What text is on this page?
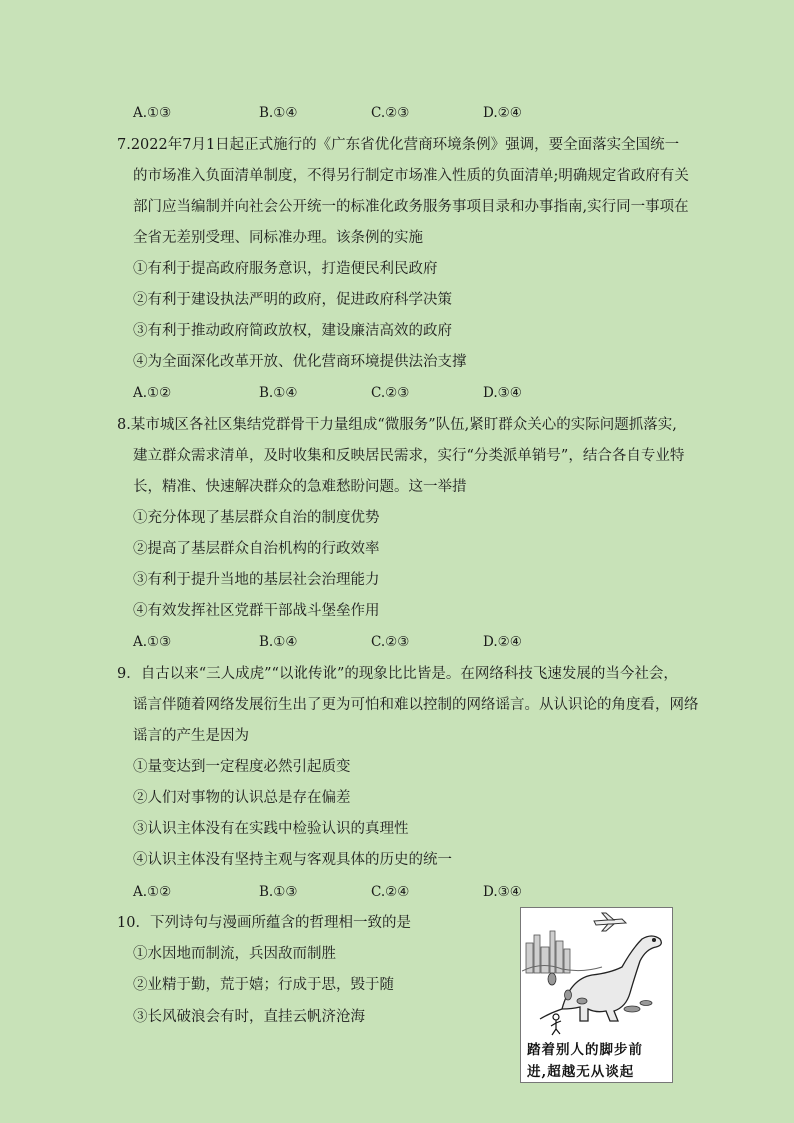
A.①③	B.①④	C.②③	D.②④
7.2022年7月1日起正式施行的《广东省优化营商环境条例》强调，要全面落实全国统一
的市场准入负面清单制度，不得另行制定市场准入性质的负面清单;明确规定省政府有关
部门应当编制并向社会公开统一的标准化政务服务事项目录和办事指南,实行同一事项在
全省无差别受理、同标准办理。该条例的实施
①有利于提高政府服务意识，打造便民利民政府
②有利于建设执法严明的政府，促进政府科学决策
③有利于推动政府简政放权，建设廉洁高效的政府
④为全面深化改革开放、优化营商环境提供法治支撑
A.①②	B.①④	C.②③	D.③④
8.某市城区各社区集结党群骨干力量组成“微服务”队伍,紧盯群众关心的实际问题抓落实,
建立群众需求清单，及时收集和反映居民需求，实行“分类派单销号”，结合各自专业特
长，精准、快速解决群众的急难愁盼问题。这一举措
①充分体现了基层群众自治的制度优势
②提高了基层群众自治机构的行政效率
③有利于提升当地的基层社会治理能力
④有效发挥社区党群干部战斗堡垒作用
A.①③	B.①④	C.②③	D.②④
9．自古以来“三人成虎”“以讹传讹”的现象比比皆是。在网络科技飞速发展的当今社会，
谣言伴随着网络发展衍生出了更为可怕和难以控制的网络谣言。从认识论的角度看，网络
谣言的产生是因为
①量变达到一定程度必然引起质变
②人们对事物的认识总是存在偏差
③认识主体没有在实践中检验认识的真理性
④认识主体没有坚持主观与客观具体的历史的统一
A.①②	B.①③	C.②④	D.③④
10．下列诗句与漫画所蕴含的哲理相一致的是
①水因地而制流，兵因敌而制胜
②业精于勤，荒于嬉；行成于思，毁于随
③长风破浪会有时，直挂云帆济沧海
踏着别人的脚步前
进,超越无从谈起
